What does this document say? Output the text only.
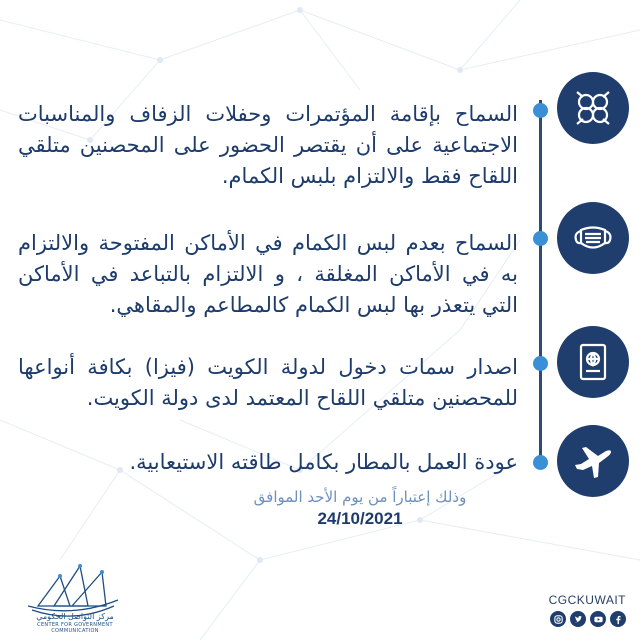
السماح بإقامة المؤتمرات وحفلات الزفاف والمناسبات الاجتماعية على أن يقتصر الحضور على المحصنين متلقي اللقاح فقط والالتزام بلبس الكمام.
السماح بعدم لبس الكمام في الأماكن المفتوحة والالتزام به في الأماكن المغلقة ، و الالتزام بالتباعد في الأماكن التي يتعذر بها لبس الكمام كالمطاعم والمقاهي.
اصدار سمات دخول لدولة الكويت (فيزا) بكافة أنواعها للمحصنين متلقي اللقاح المعتمد لدى دولة الكويت.
عودة العمل بالمطار بكامل طاقته الاستيعابية.
وذلك إعتباراً من يوم الأحد الموافق
24/10/2021
مركز التواصل الحكومي
CENTER FOR GOVERNMENT COMMUNICATION
CGCKUWAIT
